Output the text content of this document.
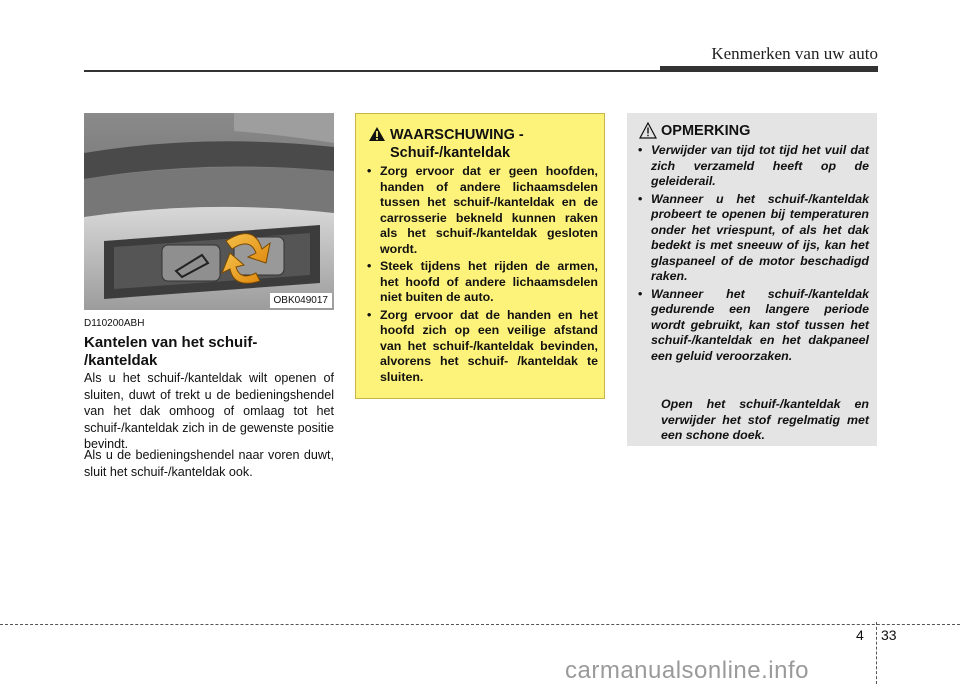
Kenmerken van uw auto
OBK049017
D110200ABH
Kantelen van het schuif- /kanteldak
Als u het schuif-/kanteldak wilt openen of sluiten, duwt of trekt u de bedieningshendel van het dak omhoog of omlaag tot het schuif-/kanteldak zich in de gewenste positie bevindt.
Als u de bedieningshendel naar voren duwt, sluit het schuif-/kanteldak ook.
WAARSCHUWING -
Schuif-/kanteldak
• Zorg ervoor dat er geen hoofden, handen of andere lichaamsdelen tussen het schuif-/kanteldak en de carrosserie bekneld kunnen raken als het schuif-/kanteldak gesloten wordt.
• Steek tijdens het rijden de armen, het hoofd of andere lichaamsdelen niet buiten de auto.
• Zorg ervoor dat de handen en het hoofd zich op een veilige afstand van het schuif-/kanteldak bevinden, alvorens het schuif- /kanteldak te sluiten.
OPMERKING
• Verwijder van tijd tot tijd het vuil dat zich verzameld heeft op de geleiderail.
• Wanneer u het schuif-/kanteldak probeert te openen bij temperaturen onder het vriespunt, of als het dak bedekt is met sneeuw of ijs, kan het glaspaneel of de motor beschadigd raken.
• Wanneer het schuif-/kanteldak gedurende een langere periode wordt gebruikt, kan stof tussen het schuif-/kanteldak en het dakpaneel een geluid veroorzaken.
Open het schuif-/kanteldak en verwijder het stof regelmatig met een schone doek.
4 33
carmanualsonline.info
